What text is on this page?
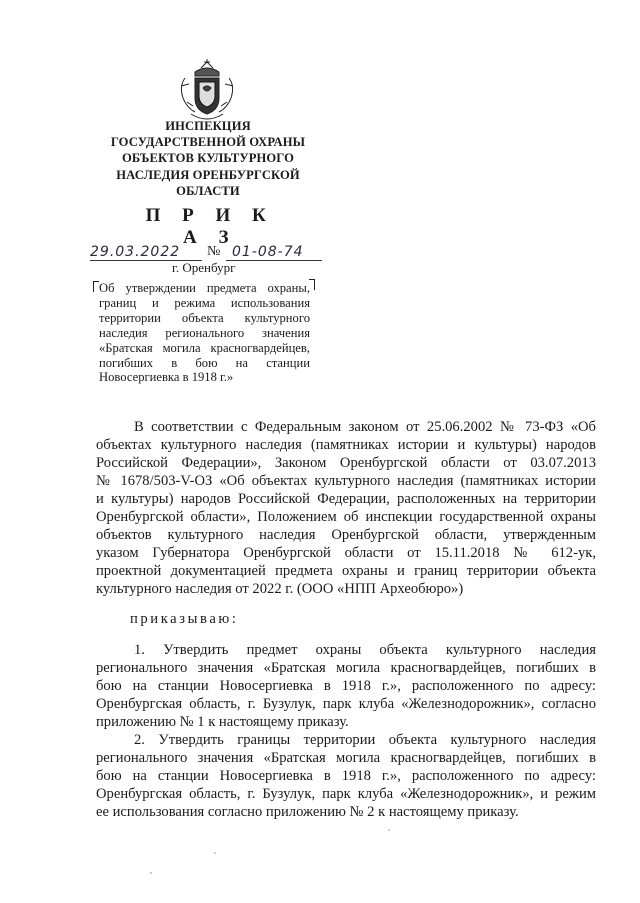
ИНСПЕКЦИЯ
ГОСУДАРСТВЕННОЙ ОХРАНЫ
ОБЪЕКТОВ КУЛЬТУРНОГО
НАСЛЕДИЯ ОРЕНБУРГСКОЙ
ОБЛАСТИ
П Р И К А З
29.03.2022 № 01-08-74
г. Оренбург
Об утверждении предмета охраны,
границ и режима использования
территории объекта культурного
наследия регионального значения
«Братская могила красногвардейцев,
погибших в бою на станции
Новосергиевка в 1918 г.»
В соответствии с Федеральным законом от 25.06.2002 № 73-ФЗ «Об
объектах культурного наследия (памятниках истории и культуры) народов
Российской Федерации», Законом Оренбургской области от 03.07.2013
№ 1678/503-V-ОЗ «Об объектах культурного наследия (памятниках истории
и культуры) народов Российской Федерации, расположенных на территории
Оренбургской области», Положением об инспекции государственной охраны
объектов культурного наследия Оренбургской области, утвержденным
указом Губернатора Оренбургской области от 15.11.2018 № 612-ук,
проектной документацией предмета охраны и границ территории объекта
культурного наследия от 2022 г. (ООО «НПП Археобюро»)
приказываю:
1. Утвердить предмет охраны объекта культурного наследия
регионального значения «Братская могила красногвардейцев, погибших в
бою на станции Новосергиевка в 1918 г.», расположенного по адресу:
Оренбургская область, г. Бузулук, парк клуба «Железнодорожник», согласно
приложению № 1 к настоящему приказу.
2. Утвердить границы территории объекта культурного наследия
регионального значения «Братская могила красногвардейцев, погибших в
бою на станции Новосергиевка в 1918 г.», расположенного по адресу:
Оренбургская область, г. Бузулук, парк клуба «Железнодорожник», и режим
ее использования согласно приложению № 2 к настоящему приказу.
